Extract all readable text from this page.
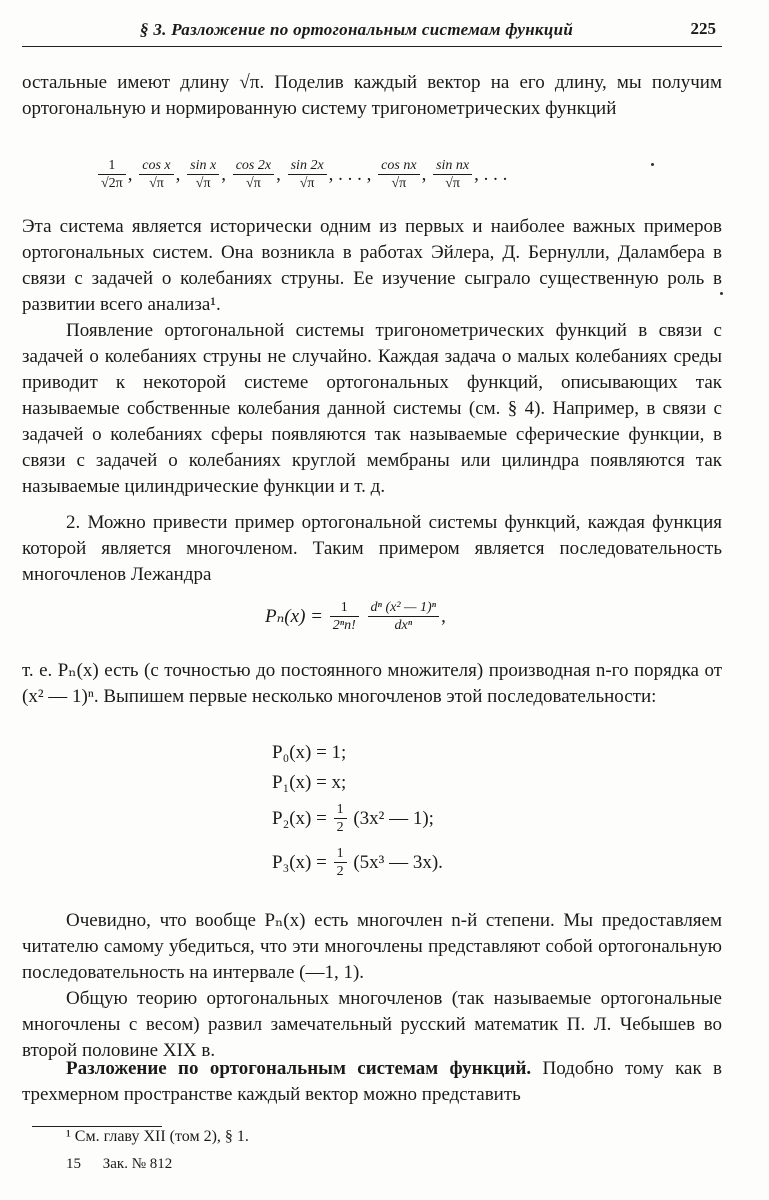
§ 3. Разложение по ортогональным системам функций	225

остальные имеют длину √π. Поделив каждый вектор на его длину, мы получим ортогональную и нормированную систему тригонометрических функций

$\frac{1}{√2\pi}$ , $\frac{\text{cos x}}{√\pi}$ , $\frac{\text{sin x}}{√\pi}$ , $\frac{\cos 2x}{√\pi}$ , $\frac{\sin 2x}{√\pi}$ , . . . , $\frac{\text{cos nx}}{√\pi}$ , $\frac{\text{sin nx}}{√\pi}$ , . . .

Эта система является исторически одним из первых и наиболее важных примеров ортогональных систем. Она возникла в работах Эйлера, Д. Бернулли, Даламбера в связи с задачей о колебаниях струны. Ее изучение сыграло существенную роль в развитии всего анализа¹.

Появление ортогональной системы тригонометрических функций в связи с задачей о колебаниях струны не случайно. Каждая задача о малых колебаниях среды приводит к некоторой системе ортогональных функций, описывающих так называемые собственные колебания данной системы (см. § 4). Например, в связи с задачей о колебаниях сферы появляются так называемые сферические функции, в связи с задачей о колебаниях круглой мембраны или цилиндра появляются так называемые цилиндрические функции и т. д.

2. Можно привести пример ортогональной системы функций, каждая функция которой является многочленом. Таким примером является последовательность многочленов Лежандра

$P_n(x) = \frac{1}{\text{2ⁿn!}}$
$\frac{\text{dⁿ (x² — 1)ⁿ}}{\text{dxⁿ}}$ ,

т. е. Pₙ(x) есть (с точностью до постоянного множителя) производная n-го порядка от (x² — 1)ⁿ. Выпишем первые несколько многочленов этой последовательности:

P₀(x) = 1;
P₁(x) = x;
$P_2(x) = \frac{1}{2} (3x^2$ — 1);
$P_3(x) = \frac{1}{2} (5x^3$ — 3x).

Очевидно, что вообще Pₙ(x) есть многочлен n-й степени. Мы предоставляем читателю самому убедиться, что эти многочлены представляют собой ортогональную последовательность на интервале (—1, 1).

Общую теорию ортогональных многочленов (так называемые ортогональные многочлены с весом) развил замечательный русский математик П. Л. Чебышев во второй половине XIX в.

Разложение по ортогональным системам функций. Подобно тому как в трехмерном пространстве каждый вектор можно представить

¹ См. главу XII (том 2), § 1.
15 Зак. № 812
